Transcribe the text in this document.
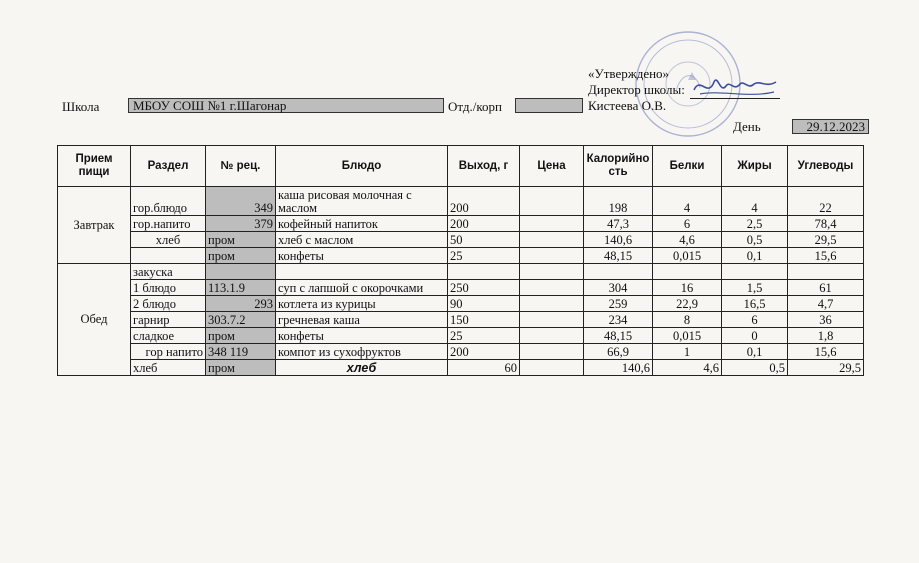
«Утверждено»
Директор школы:
Кистеева О.В.
День
Школа	МБОУ СОШ №1 г.Шагонар	Отд./корп
29.12.2023
Прием пищи	Раздел	№ рец.	Блюдо	Выход, г	Цена	Калорийность	Белки	Жиры	Углеводы
Завтрак	гор.блюдо	349	каша рисовая молочная с маслом	200		198	4	4	22
	гор.напито	379	кофейный напиток	200		47,3	6	2,5	78,4
	хлеб	пром	хлеб с маслом	50		140,6	4,6	0,5	29,5
		пром	конфеты	25		48,15	0,015	0,1	15,6
Обед	закуска								
	1 блюдо	113.1.9	суп с лапшой с окорочками	250		304	16	1,5	61
	2 блюдо	293	котлета из курицы	90		259	22,9	16,5	4,7
	гарнир	303.7.2	гречневая каша	150		234	8	6	36
	сладкое	пром	конфеты	25		48,15	0,015	0	1,8
	гор напито	348 119	компот из сухофруктов	200		66,9	1	0,1	15,6
	хлеб	пром	хлеб	60		140,6	4,6	0,5	29,5
